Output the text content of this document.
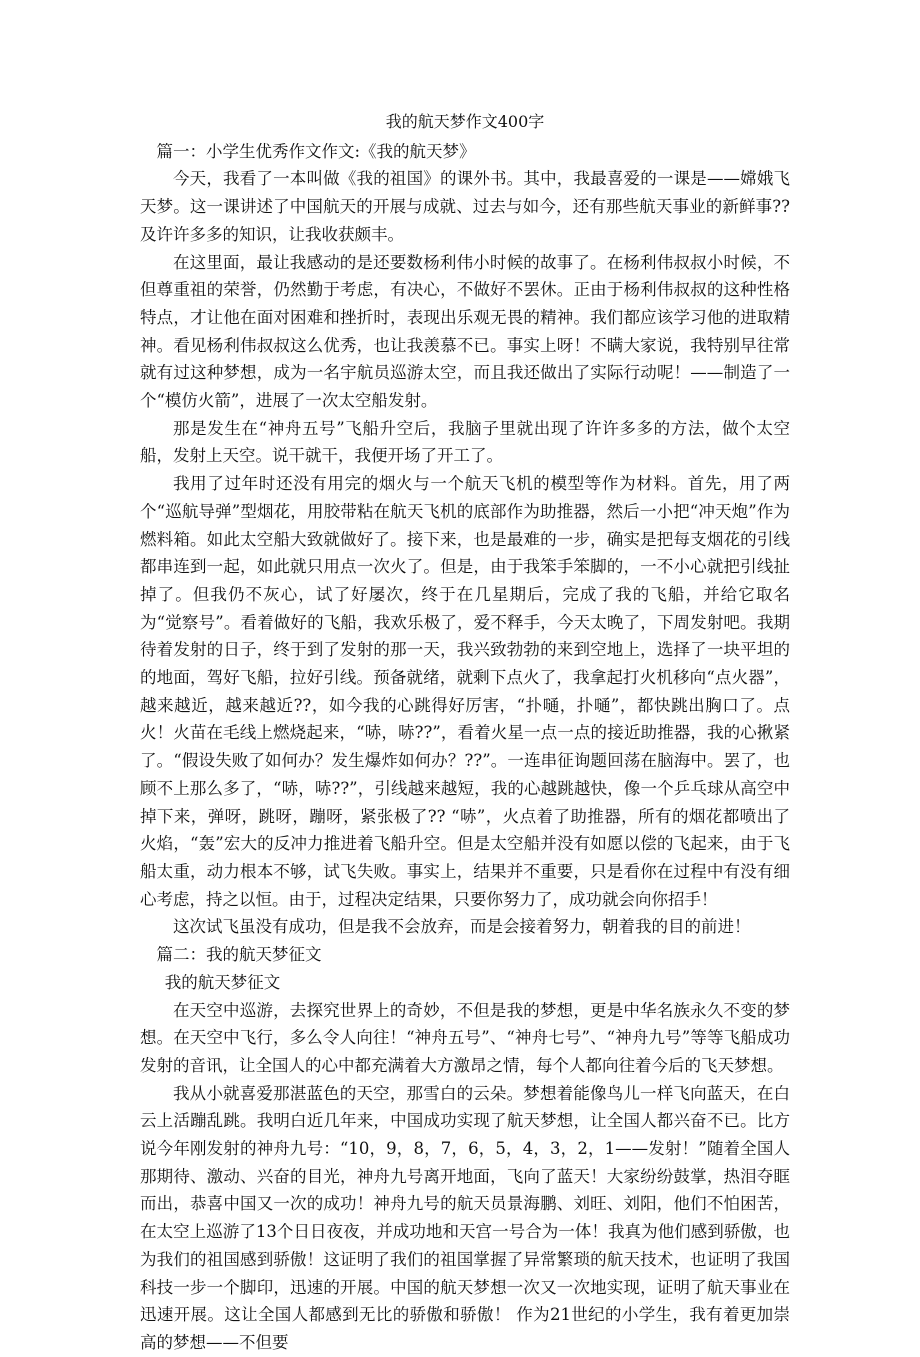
我的航天梦作文400字
篇一：小学生优秀作文作文:《我的航天梦》
今天，我看了一本叫做《我的祖国》的课外书。其中，我最喜爱的一课是——嫦娥飞天梦。这一课讲述了中国航天的开展与成就、过去与如今，还有那些航天事业的新鲜事??及许许多多的知识，让我收获颇丰。
在这里面，最让我感动的是还要数杨利伟小时候的故事了。在杨利伟叔叔小时候，不但尊重祖的荣誉，仍然勤于考虑，有决心，不做好不罢休。正由于杨利伟叔叔的这种性格特点，才让他在面对困难和挫折时，表现出乐观无畏的精神。我们都应该学习他的进取精神。看见杨利伟叔叔这么优秀，也让我羡慕不已。事实上呀！不瞒大家说，我特别早往常就有过这种梦想，成为一名宇航员巡游太空，而且我还做出了实际行动呢！——制造了一个“模仿火箭”，进展了一次太空船发射。
那是发生在“神舟五号”飞船升空后，我脑子里就出现了许许多多的方法，做个太空船，发射上天空。说干就干，我便开场了开工了。
我用了过年时还没有用完的烟火与一个航天飞机的模型等作为材料。首先，用了两个“巡航导弹”型烟花，用胶带粘在航天飞机的底部作为助推器，然后一小把“冲天炮”作为燃料箱。如此太空船大致就做好了。接下来，也是最难的一步，确实是把每支烟花的引线都串连到一起，如此就只用点一次火了。但是，由于我笨手笨脚的，一不小心就把引线扯掉了。但我仍不灰心，试了好屡次，终于在几星期后，完成了我的飞船，并给它取名为“觉察号”。看着做好的飞船，我欢乐极了，爱不释手，今天太晚了，下周发射吧。我期待着发射的日子，终于到了发射的那一天，我兴致勃勃的来到空地上，选择了一块平坦的的地面，驾好飞船，拉好引线。预备就绪，就剩下点火了，我拿起打火机移向“点火器”，越来越近，越来越近??，如今我的心跳得好厉害，“扑嗵，扑嗵”，都快跳出胸口了。点火！火苗在毛线上燃烧起来，“哧，哧??”，看着火星一点一点的接近助推器，我的心揪紧了。“假设失败了如何办？发生爆炸如何办？??”。一连串征询题回荡在脑海中。罢了，也顾不上那么多了，“哧，哧??”，引线越来越短，我的心越跳越快，像一个乒乓球从高空中掉下来，弹呀，跳呀，蹦呀，紧张极了?? “哧”，火点着了助推器，所有的烟花都喷出了火焰，“轰”宏大的反冲力推进着飞船升空。但是太空船并没有如愿以偿的飞起来，由于飞船太重，动力根本不够，试飞失败。事实上，结果并不重要，只是看你在过程中有没有细心考虑，持之以恒。由于，过程决定结果，只要你努力了，成功就会向你招手！
这次试飞虽没有成功，但是我不会放弃，而是会接着努力，朝着我的目的前进！
篇二：我的航天梦征文
我的航天梦征文
在天空中巡游，去探究世界上的奇妙，不但是我的梦想，更是中华名族永久不变的梦想。在天空中飞行，多么令人向往！“神舟五号”、“神舟七号”、“神舟九号”等等飞船成功发射的音讯，让全国人的心中都充满着大方激昂之情，每个人都向往着今后的飞天梦想。
我从小就喜爱那湛蓝色的天空，那雪白的云朵。梦想着能像鸟儿一样飞向蓝天，在白云上活蹦乱跳。我明白近几年来，中国成功实现了航天梦想，让全国人都兴奋不已。比方说今年刚发射的神舟九号：“10，9，8，7，6，5，4，3，2，1——发射！”随着全国人那期待、激动、兴奋的目光，神舟九号离开地面，飞向了蓝天！大家纷纷鼓掌，热泪夺眶而出，恭喜中国又一次的成功！神舟九号的航天员景海鹏、刘旺、刘阳，他们不怕困苦，在太空上巡游了13个日日夜夜，并成功地和天宫一号合为一体！我真为他们感到骄傲，也为我们的祖国感到骄傲！这证明了我们的祖国掌握了异常繁琐的航天技术，也证明了我国科技一步一个脚印，迅速的开展。中国的航天梦想一次又一次地实现，证明了航天事业在迅速开展。这让全国人都感到无比的骄傲和骄傲！ 作为21世纪的小学生，我有着更加崇高的梦想——不但要
